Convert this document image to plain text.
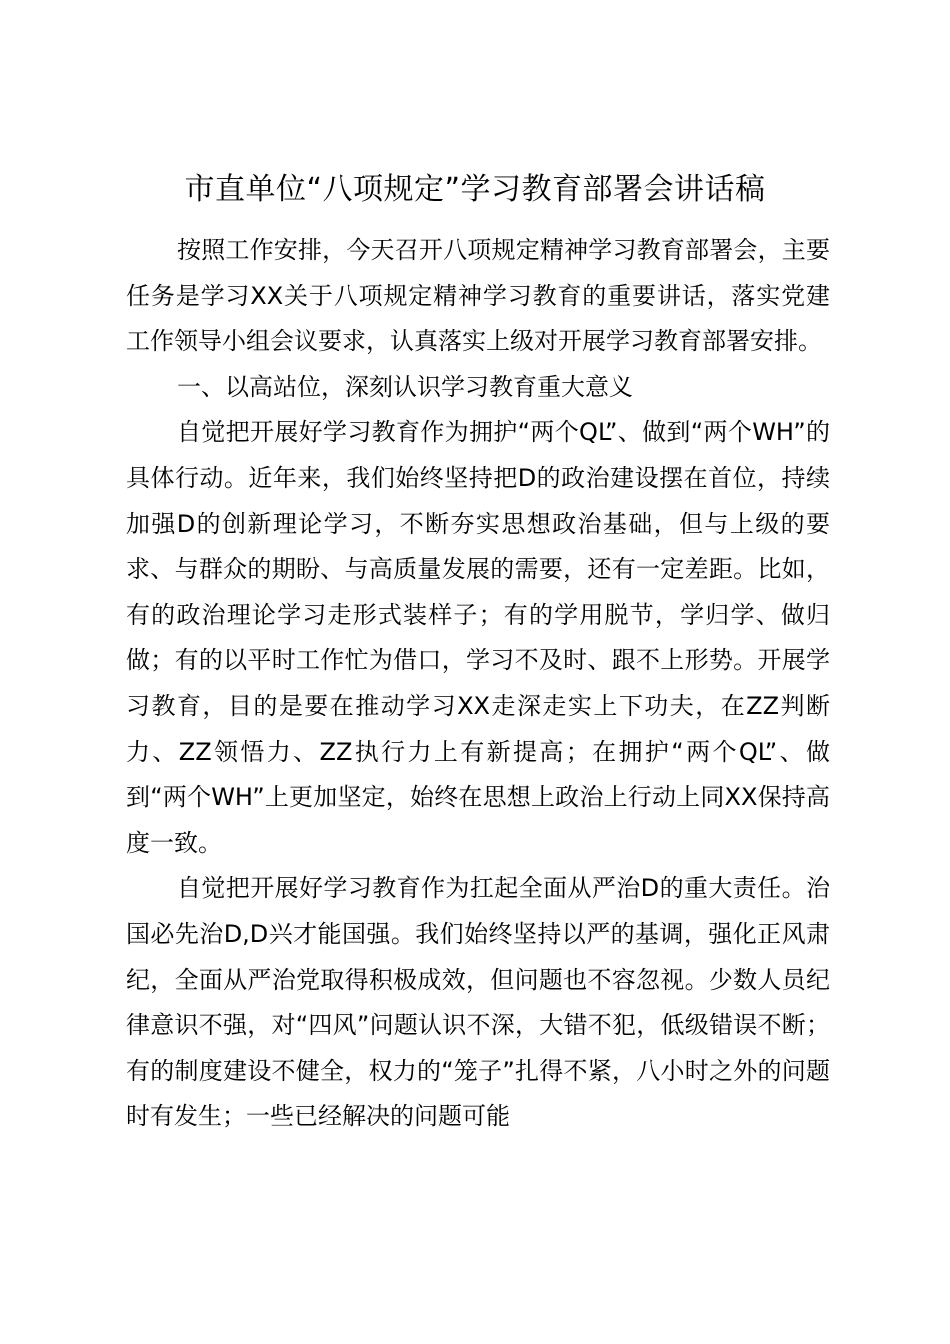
市直单位“八项规定”学习教育部署会讲话稿

按照工作安排，今天召开八项规定精神学习教育部署会，主要任务是学习XX关于八项规定精神学习教育的重要讲话，落实党建工作领导小组会议要求，认真落实上级对开展学习教育部署安排。

一、以高站位，深刻认识学习教育重大意义

自觉把开展好学习教育作为拥护“两个QL”、做到“两个WH”的具体行动。近年来，我们始终坚持把D的政治建设摆在首位，持续加强D的创新理论学习，不断夯实思想政治基础，但与上级的要求、与群众的期盼、与高质量发展的需要，还有一定差距。比如，有的政治理论学习走形式装样子；有的学用脱节，学归学、做归做；有的以平时工作忙为借口，学习不及时、跟不上形势。开展学习教育，目的是要在推动学习XX走深走实上下功夫，在ZZ判断力、ZZ领悟力、ZZ执行力上有新提高；在拥护“两个QL”、做到“两个WH”上更加坚定，始终在思想上政治上行动上同XX保持高度一致。

自觉把开展好学习教育作为扛起全面从严治D的重大责任。治国必先治D,D兴才能国强。我们始终坚持以严的基调，强化正风肃纪，全面从严治党取得积极成效，但问题也不容忽视。少数人员纪律意识不强，对“四风”问题认识不深，大错不犯，低级错误不断；有的制度建设不健全，权力的“笼子”扎得不紧，八小时之外的问题时有发生；一些已经解决的问题可能
